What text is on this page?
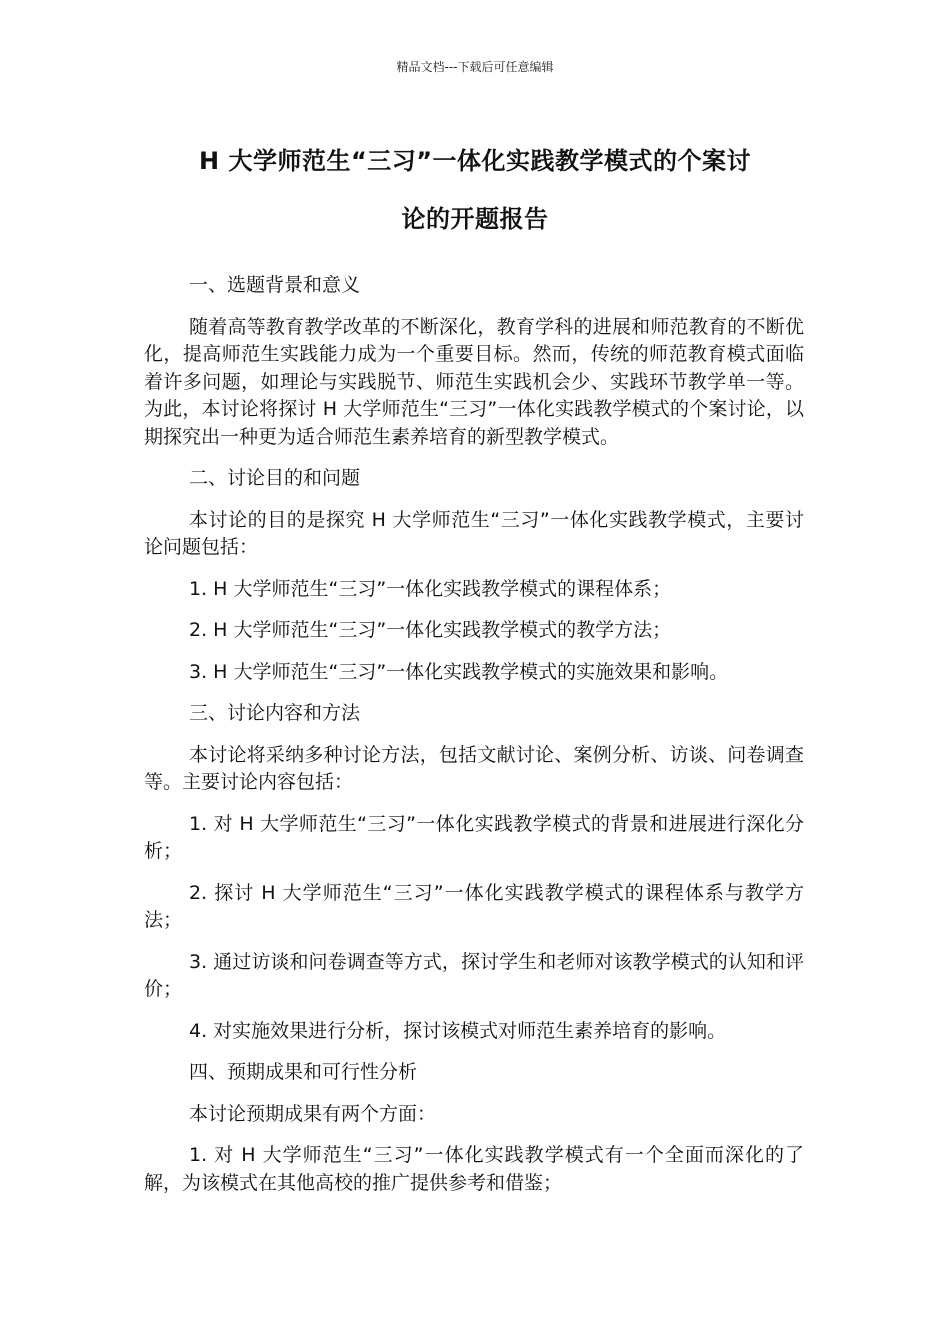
精品文档---下载后可任意编辑
H 大学师范生“三习”一体化实践教学模式的个案讨
论的开题报告

一、选题背景和意义

随着高等教育教学改革的不断深化，教育学科的进展和师范教育的不断优化，提高师范生实践能力成为一个重要目标。然而，传统的师范教育模式面临着许多问题，如理论与实践脱节、师范生实践机会少、实践环节教学单一等。为此，本讨论将探讨 H 大学师范生“三习”一体化实践教学模式的个案讨论，以期探究出一种更为适合师范生素养培育的新型教学模式。

二、讨论目的和问题

本讨论的目的是探究 H 大学师范生“三习”一体化实践教学模式，主要讨论问题包括：

1. H 大学师范生“三习”一体化实践教学模式的课程体系；

2. H 大学师范生“三习”一体化实践教学模式的教学方法；

3. H 大学师范生“三习”一体化实践教学模式的实施效果和影响。

三、讨论内容和方法

本讨论将采纳多种讨论方法，包括文献讨论、案例分析、访谈、问卷调查等。主要讨论内容包括：

1. 对 H 大学师范生“三习”一体化实践教学模式的背景和进展进行深化分析；

2. 探讨 H 大学师范生“三习”一体化实践教学模式的课程体系与教学方法；

3. 通过访谈和问卷调查等方式，探讨学生和老师对该教学模式的认知和评价；

4. 对实施效果进行分析，探讨该模式对师范生素养培育的影响。

四、预期成果和可行性分析

本讨论预期成果有两个方面：

1. 对 H 大学师范生“三习”一体化实践教学模式有一个全面而深化的了解，为该模式在其他高校的推广提供参考和借鉴；
